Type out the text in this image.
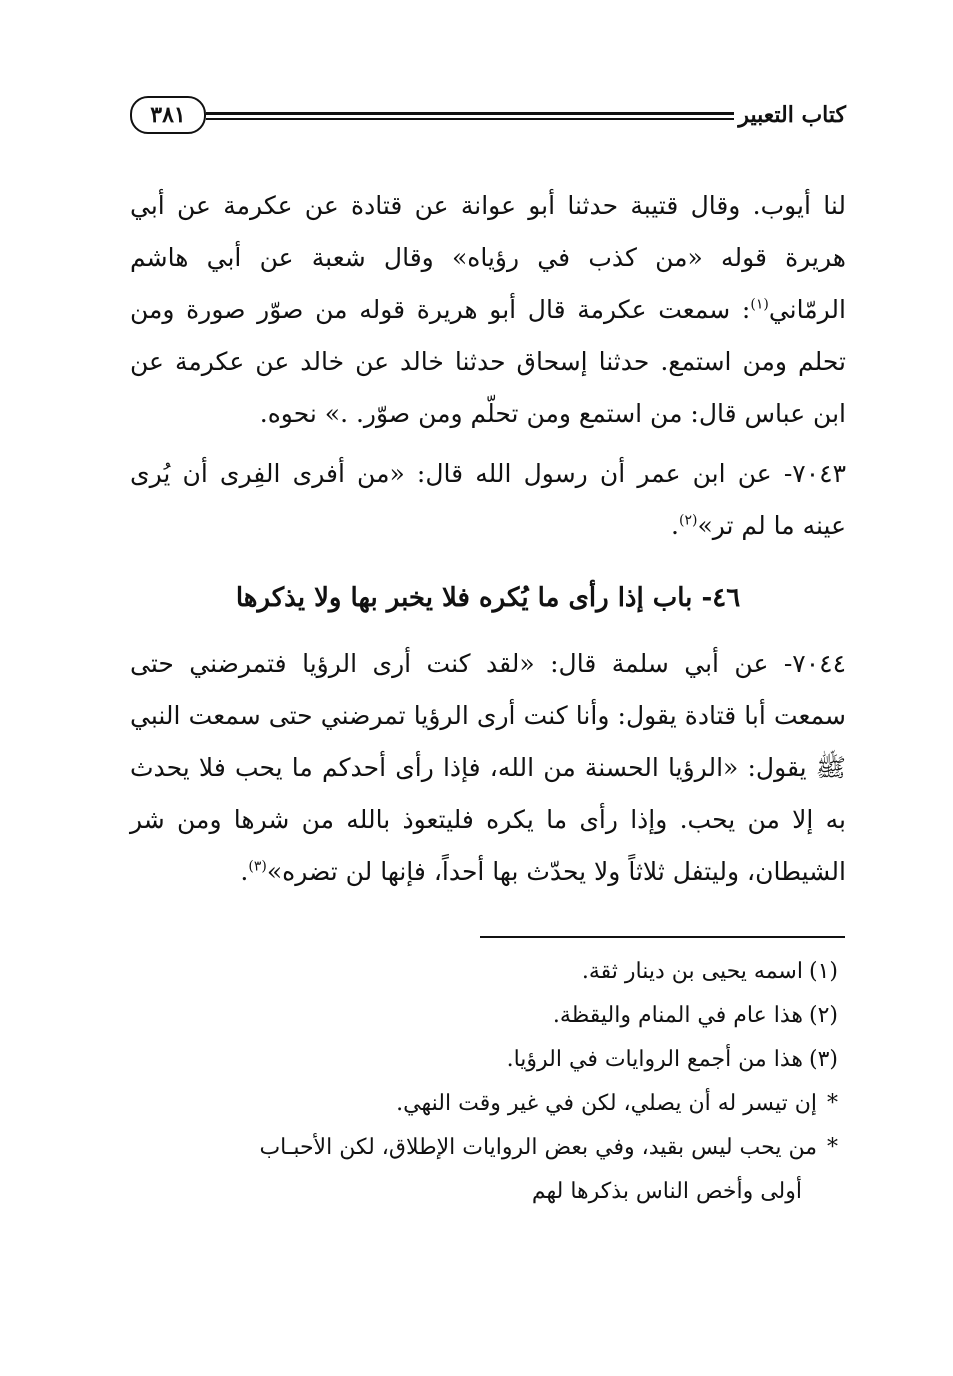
كتاب التعبير
٣٨١

لنا أيوب. وقال قتيبة حدثنا أبو عوانة عن قتادة عن عكرمة عن أبي هريرة قوله «من كذب في رؤياه» وقال شعبة عن أبي هاشم الرمّاني$^{(١)}$: سمعت عكرمة قال أبو هريرة قوله من صوّر صورة ومن تحلم ومن استمع. حدثنا إسحاق حدثنا خالد عن خالد عن عكرمة عن ابن عباس قال: من استمع ومن تحلّم ومن صوّر. .» نحوه.

٧٠٤٣- عن ابن عمر أن رسول الله قال: «من أفرى الفِرى أن يُرى عينه ما لم تر»$^{(٢)}$.

٤٦- باب إذا رأى ما يُكره فلا يخبر بها ولا يذكرها

٧٠٤٤- عن أبي سلمة قال: «لقد كنت أرى الرؤيا فتمرضني حتى سمعت أبا قتادة يقول: وأنا كنت أرى الرؤيا تمرضني حتى سمعت النبي ﷺ يقول: «الرؤيا الحسنة من الله، فإذا رأى أحدكم ما يحب فلا يحدث به إلا من يحب. وإذا رأى ما يكره فليتعوذ بالله من شرها ومن شر الشيطان، وليتفل ثلاثاً ولا يحدّث بها أحداً، فإنها لن تضره»$^{(٣)}$.

(١)اسمه يحيى بن دينار ثقة.

(٢)هذا عام في المنام واليقظة.

(٣)هذا من أجمع الروايات في الرؤيا.

*إن تيسر له أن يصلي، لكن في غير وقت النهي.

*من يحب ليس بقيد، وفي بعض الروايات الإطلاق، لكن الأحبـاب

أولى وأخص الناس بذكرها لهم
